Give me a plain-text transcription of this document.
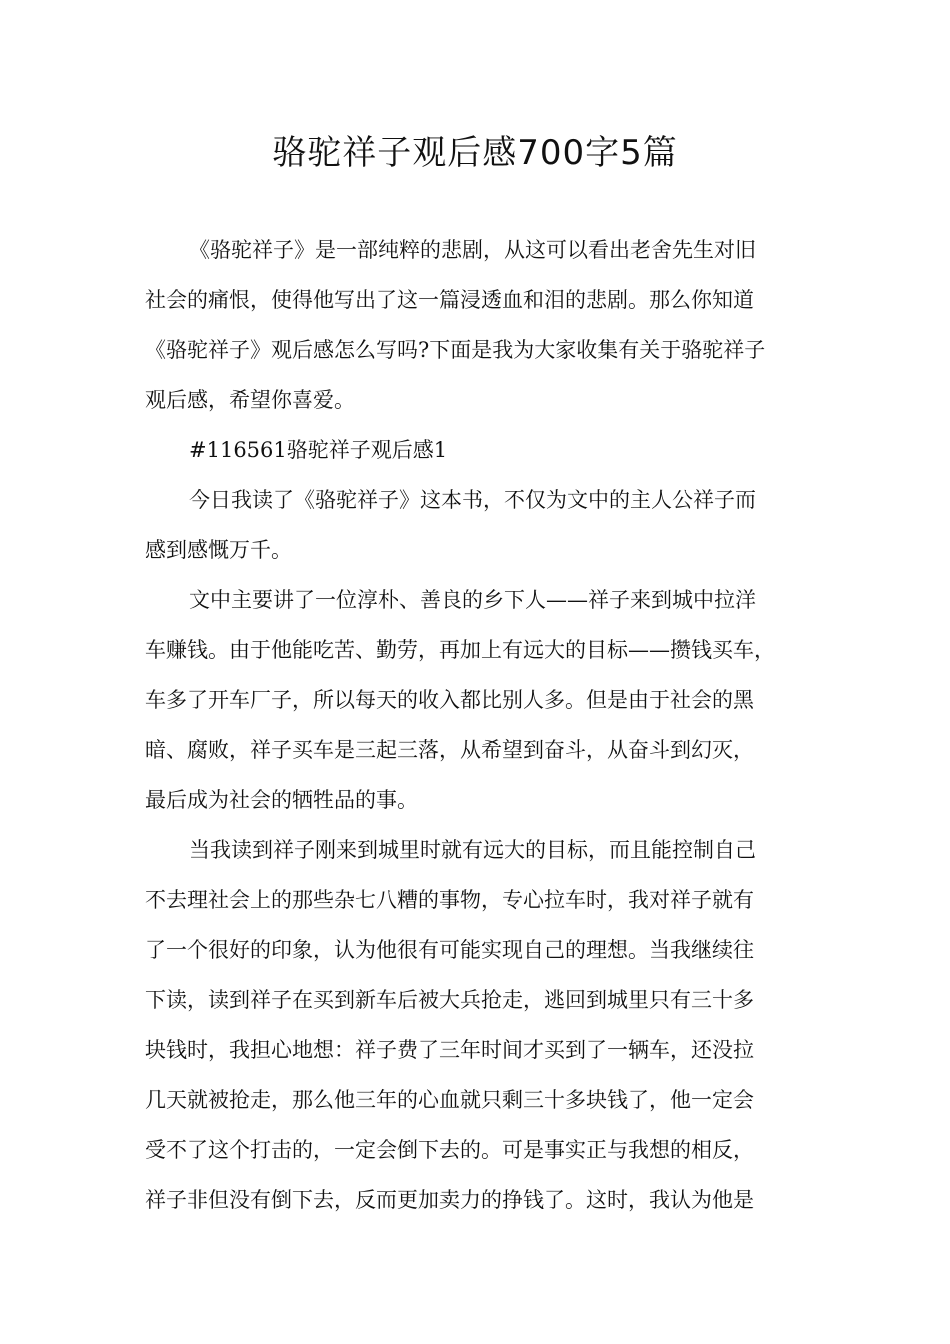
骆驼祥子观后感700字5篇
《骆驼祥子》是一部纯粹的悲剧，从这可以看出老舍先生对旧
社会的痛恨，使得他写出了这一篇浸透血和泪的悲剧。那么你知道
《骆驼祥子》观后感怎么写吗?下面是我为大家收集有关于骆驼祥子
观后感，希望你喜爱。
#116561骆驼祥子观后感1
今日我读了《骆驼祥子》这本书，不仅为文中的主人公祥子而
感到感慨万千。
文中主要讲了一位淳朴、善良的乡下人——祥子来到城中拉洋
车赚钱。由于他能吃苦、勤劳，再加上有远大的目标——攒钱买车，
车多了开车厂子，所以每天的收入都比别人多。但是由于社会的黑
暗、腐败，祥子买车是三起三落，从希望到奋斗，从奋斗到幻灭，
最后成为社会的牺牲品的事。
当我读到祥子刚来到城里时就有远大的目标，而且能控制自己
不去理社会上的那些杂七八糟的事物，专心拉车时，我对祥子就有
了一个很好的印象，认为他很有可能实现自己的理想。当我继续往
下读，读到祥子在买到新车后被大兵抢走，逃回到城里只有三十多
块钱时，我担心地想：祥子费了三年时间才买到了一辆车，还没拉
几天就被抢走，那么他三年的心血就只剩三十多块钱了，他一定会
受不了这个打击的，一定会倒下去的。可是事实正与我想的相反，
祥子非但没有倒下去，反而更加卖力的挣钱了。这时，我认为他是
